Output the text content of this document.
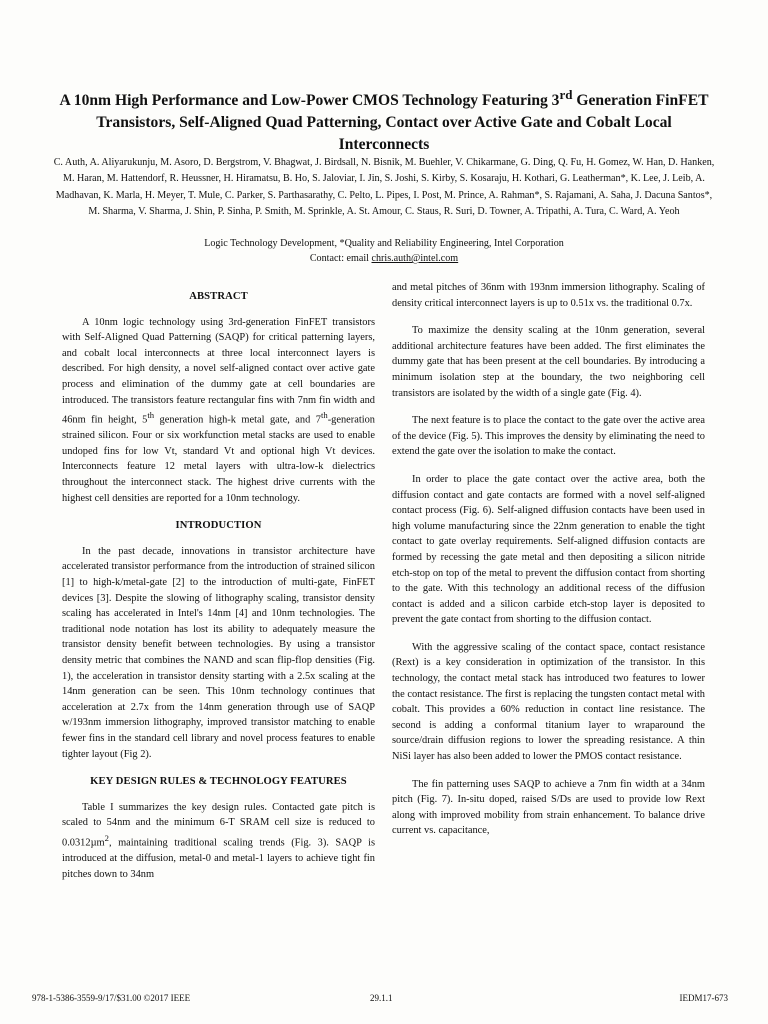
A 10nm High Performance and Low-Power CMOS Technology Featuring 3rd Generation FinFET Transistors, Self-Aligned Quad Patterning, Contact over Active Gate and Cobalt Local Interconnects
C. Auth, A. Aliyarukunju, M. Asoro, D. Bergstrom, V. Bhagwat, J. Birdsall, N. Bisnik, M. Buehler, V. Chikarmane, G. Ding, Q. Fu, H. Gomez, W. Han, D. Hanken, M. Haran, M. Hattendorf, R. Heussner, H. Hiramatsu, B. Ho, S. Jaloviar, I. Jin, S. Joshi, S. Kirby, S. Kosaraju, H. Kothari, G. Leatherman*, K. Lee, J. Leib, A. Madhavan, K. Marla, H. Meyer, T. Mule, C. Parker, S. Parthasarathy, C. Pelto, L. Pipes, I. Post, M. Prince, A. Rahman*, S. Rajamani, A. Saha, J. Dacuna Santos*, M. Sharma, V. Sharma, J. Shin, P. Sinha, P. Smith, M. Sprinkle, A. St. Amour, C. Staus, R. Suri, D. Towner, A. Tripathi, A. Tura, C. Ward, A. Yeoh
Logic Technology Development, *Quality and Reliability Engineering, Intel Corporation
Contact: email chris.auth@intel.com
ABSTRACT

A 10nm logic technology using 3rd-generation FinFET transistors with Self-Aligned Quad Patterning (SAQP) for critical patterning layers, and cobalt local interconnects at three local interconnect layers is described. For high density, a novel self-aligned contact over active gate process and elimination of the dummy gate at cell boundaries are introduced. The transistors feature rectangular fins with 7nm fin width and 46nm fin height, 5th generation high-k metal gate, and 7th-generation strained silicon. Four or six workfunction metal stacks are used to enable undoped fins for low Vt, standard Vt and optional high Vt devices. Interconnects feature 12 metal layers with ultra-low-k dielectrics throughout the interconnect stack. The highest drive currents with the highest cell densities are reported for a 10nm technology.

INTRODUCTION

In the past decade, innovations in transistor architecture have accelerated transistor performance from the introduction of strained silicon [1] to high-k/metal-gate [2] to the introduction of multi-gate, FinFET devices [3]. Despite the slowing of lithography scaling, transistor density scaling has accelerated in Intel's 14nm [4] and 10nm technologies. The traditional node notation has lost its ability to adequately measure the transistor density benefit between technologies. By using a transistor density metric that combines the NAND and scan flip-flop densities (Fig. 1), the acceleration in transistor density starting with a 2.5x scaling at the 14nm generation can be seen. This 10nm technology continues that acceleration at 2.7x from the 14nm generation through use of SAQP w/193nm immersion lithography, improved transistor matching to enable fewer fins in the standard cell library and novel process features to enable tighter layout (Fig 2).

KEY DESIGN RULES & TECHNOLOGY FEATURES

Table I summarizes the key design rules. Contacted gate pitch is scaled to 54nm and the minimum 6-T SRAM cell size is reduced to 0.0312µm$^2$, maintaining traditional scaling trends (Fig. 3). SAQP is introduced at the diffusion, metal-0 and metal-1 layers to achieve tight fin pitches down to 34nm

and metal pitches of 36nm with 193nm immersion lithography. Scaling of density critical interconnect layers is up to 0.51x vs. the traditional 0.7x.

To maximize the density scaling at the 10nm generation, several additional architecture features have been added. The first eliminates the dummy gate that has been present at the cell boundaries. By introducing a minimum isolation step at the boundary, the two neighboring cell transistors are isolated by the width of a single gate (Fig. 4).

The next feature is to place the contact to the gate over the active area of the device (Fig. 5). This improves the density by eliminating the need to extend the gate over the isolation to make the contact.

In order to place the gate contact over the active area, both the diffusion contact and gate contacts are formed with a novel self-aligned contact process (Fig. 6). Self-aligned diffusion contacts have been used in high volume manufacturing since the 22nm generation to enable the tight contact to gate overlay requirements. Self-aligned diffusion contacts are formed by recessing the gate metal and then depositing a silicon nitride etch-stop on top of the metal to prevent the diffusion contact from shorting to the gate. With this technology an additional recess of the diffusion contact is added and a silicon carbide etch-stop layer is deposited to prevent the gate contact from shorting to the diffusion contact.

With the aggressive scaling of the contact space, contact resistance (Rext) is a key consideration in optimization of the transistor. In this technology, the contact metal stack has introduced two features to lower the contact resistance. The first is replacing the tungsten contact metal with cobalt. This provides a 60% reduction in contact line resistance. The second is adding a conformal titanium layer to wraparound the source/drain diffusion regions to lower the spreading resistance. A thin NiSi layer has also been added to lower the PMOS contact resistance.

The fin patterning uses SAQP to achieve a 7nm fin width at a 34nm pitch (Fig. 7). In-situ doped, raised S/Ds are used to provide low Rext along with improved mobility from strain enhancement. To balance drive current vs. capacitance,

978-1-5386-3559-9/17/$31.00 ©2017 IEEE	29.1.1	IEDM17-673
